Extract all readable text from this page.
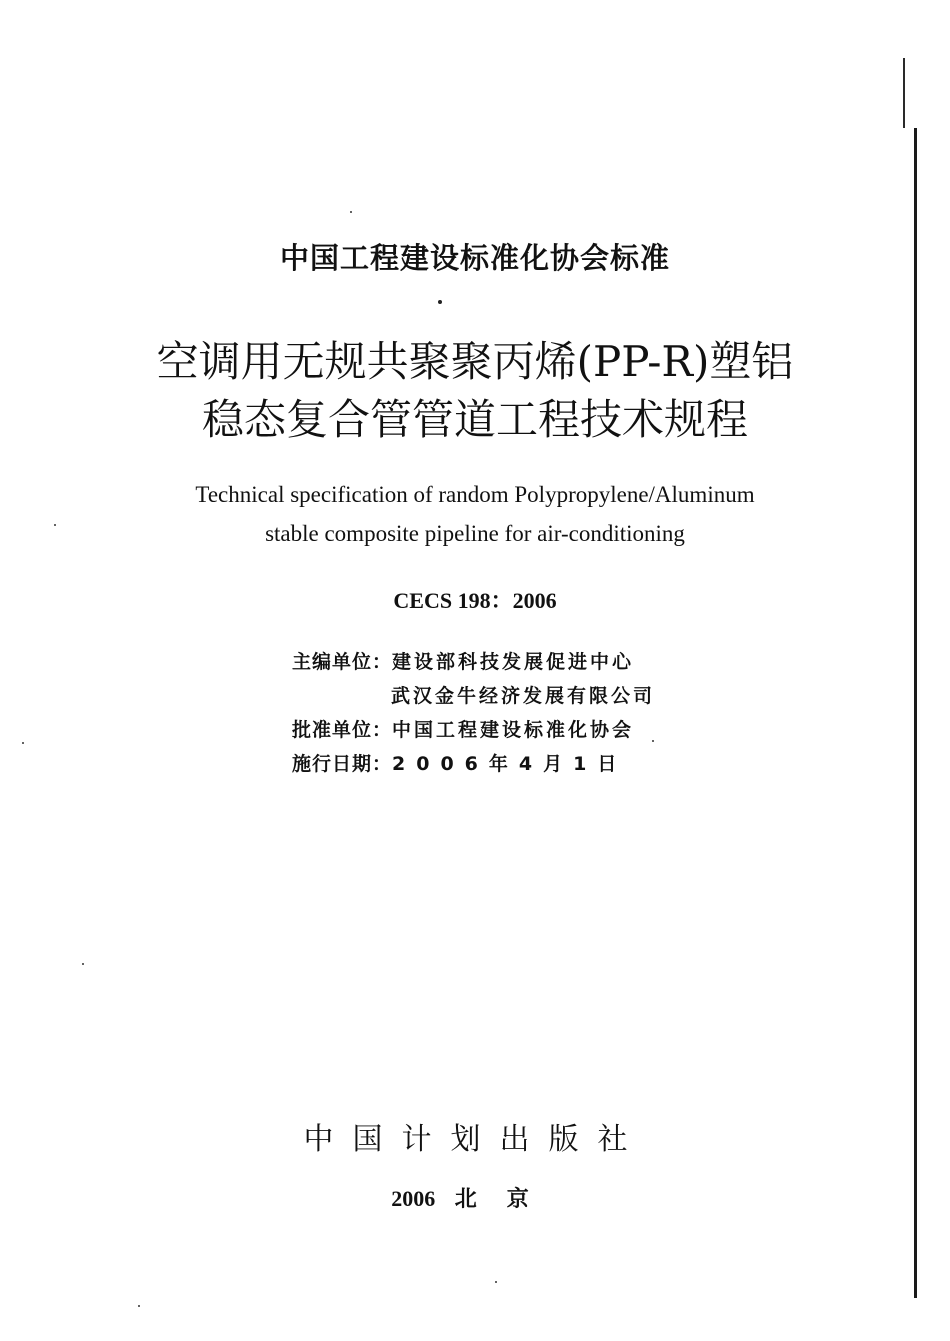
中国工程建设标准化协会标准
空调用无规共聚聚丙烯(PP-R)塑铝
稳态复合管管道工程技术规程
Technical specification of random Polypropylene/Aluminum
stable composite pipeline for air-conditioning
CECS 198：2006
主编单位：建设部科技发展促进中心
武汉金牛经济发展有限公司
批准单位：中国工程建设标准化协会
施行日期：2006年4月1日
中国计划出版社
2006 北京
